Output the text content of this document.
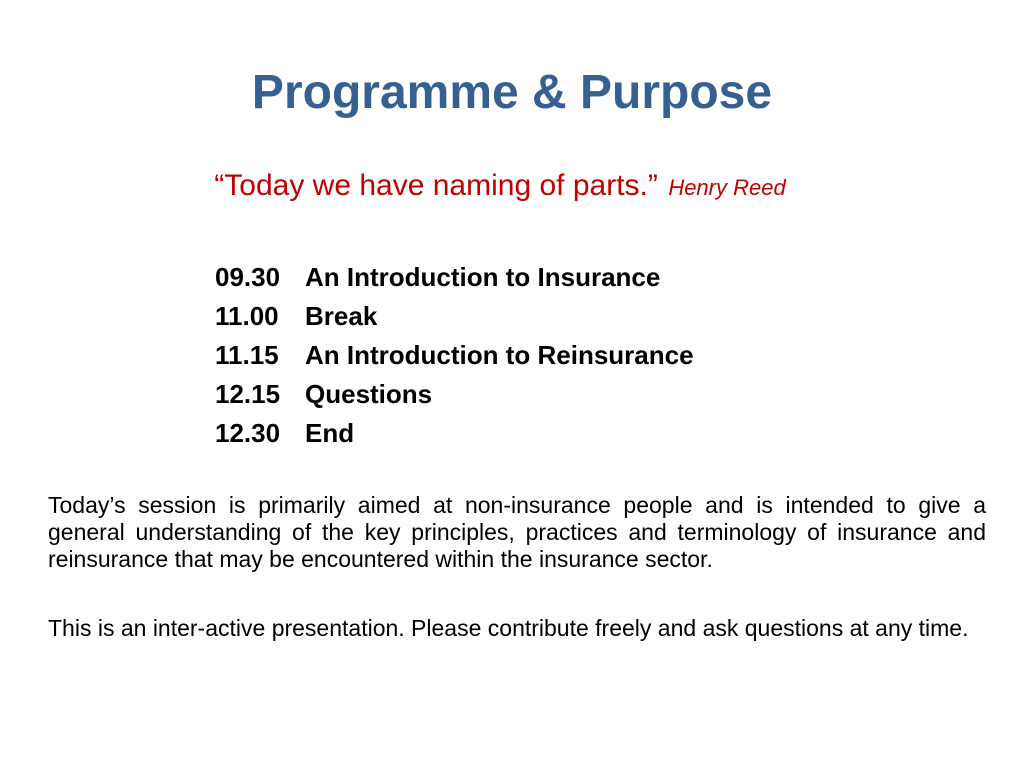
Programme & Purpose
“Today we have naming of parts.” Henry Reed
09.30 An Introduction to Insurance
11.00 Break
11.15 An Introduction to Reinsurance
12.15 Questions
12.30 End

Today’s session is primarily aimed at non-insurance people and is intended to give a general understanding of the key principles, practices and terminology of insurance and reinsurance that may be encountered within the insurance sector.

This is an inter-active presentation. Please contribute freely and ask questions at any time.
